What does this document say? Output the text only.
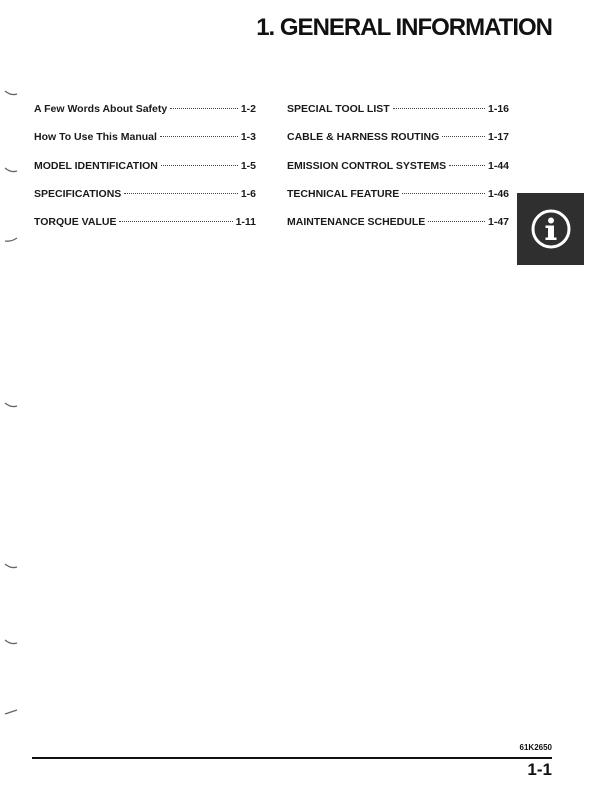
1. GENERAL INFORMATION
A Few Words About Safety	1-2
How To Use This Manual	1-3
MODEL IDENTIFICATION	1-5
SPECIFICATIONS	1-6
TORQUE VALUE	1-11
SPECIAL TOOL LIST	1-16
CABLE & HARNESS ROUTING	1-17
EMISSION CONTROL SYSTEMS	1-44
TECHNICAL FEATURE	1-46
MAINTENANCE SCHEDULE	1-47
61K2650
1-1
